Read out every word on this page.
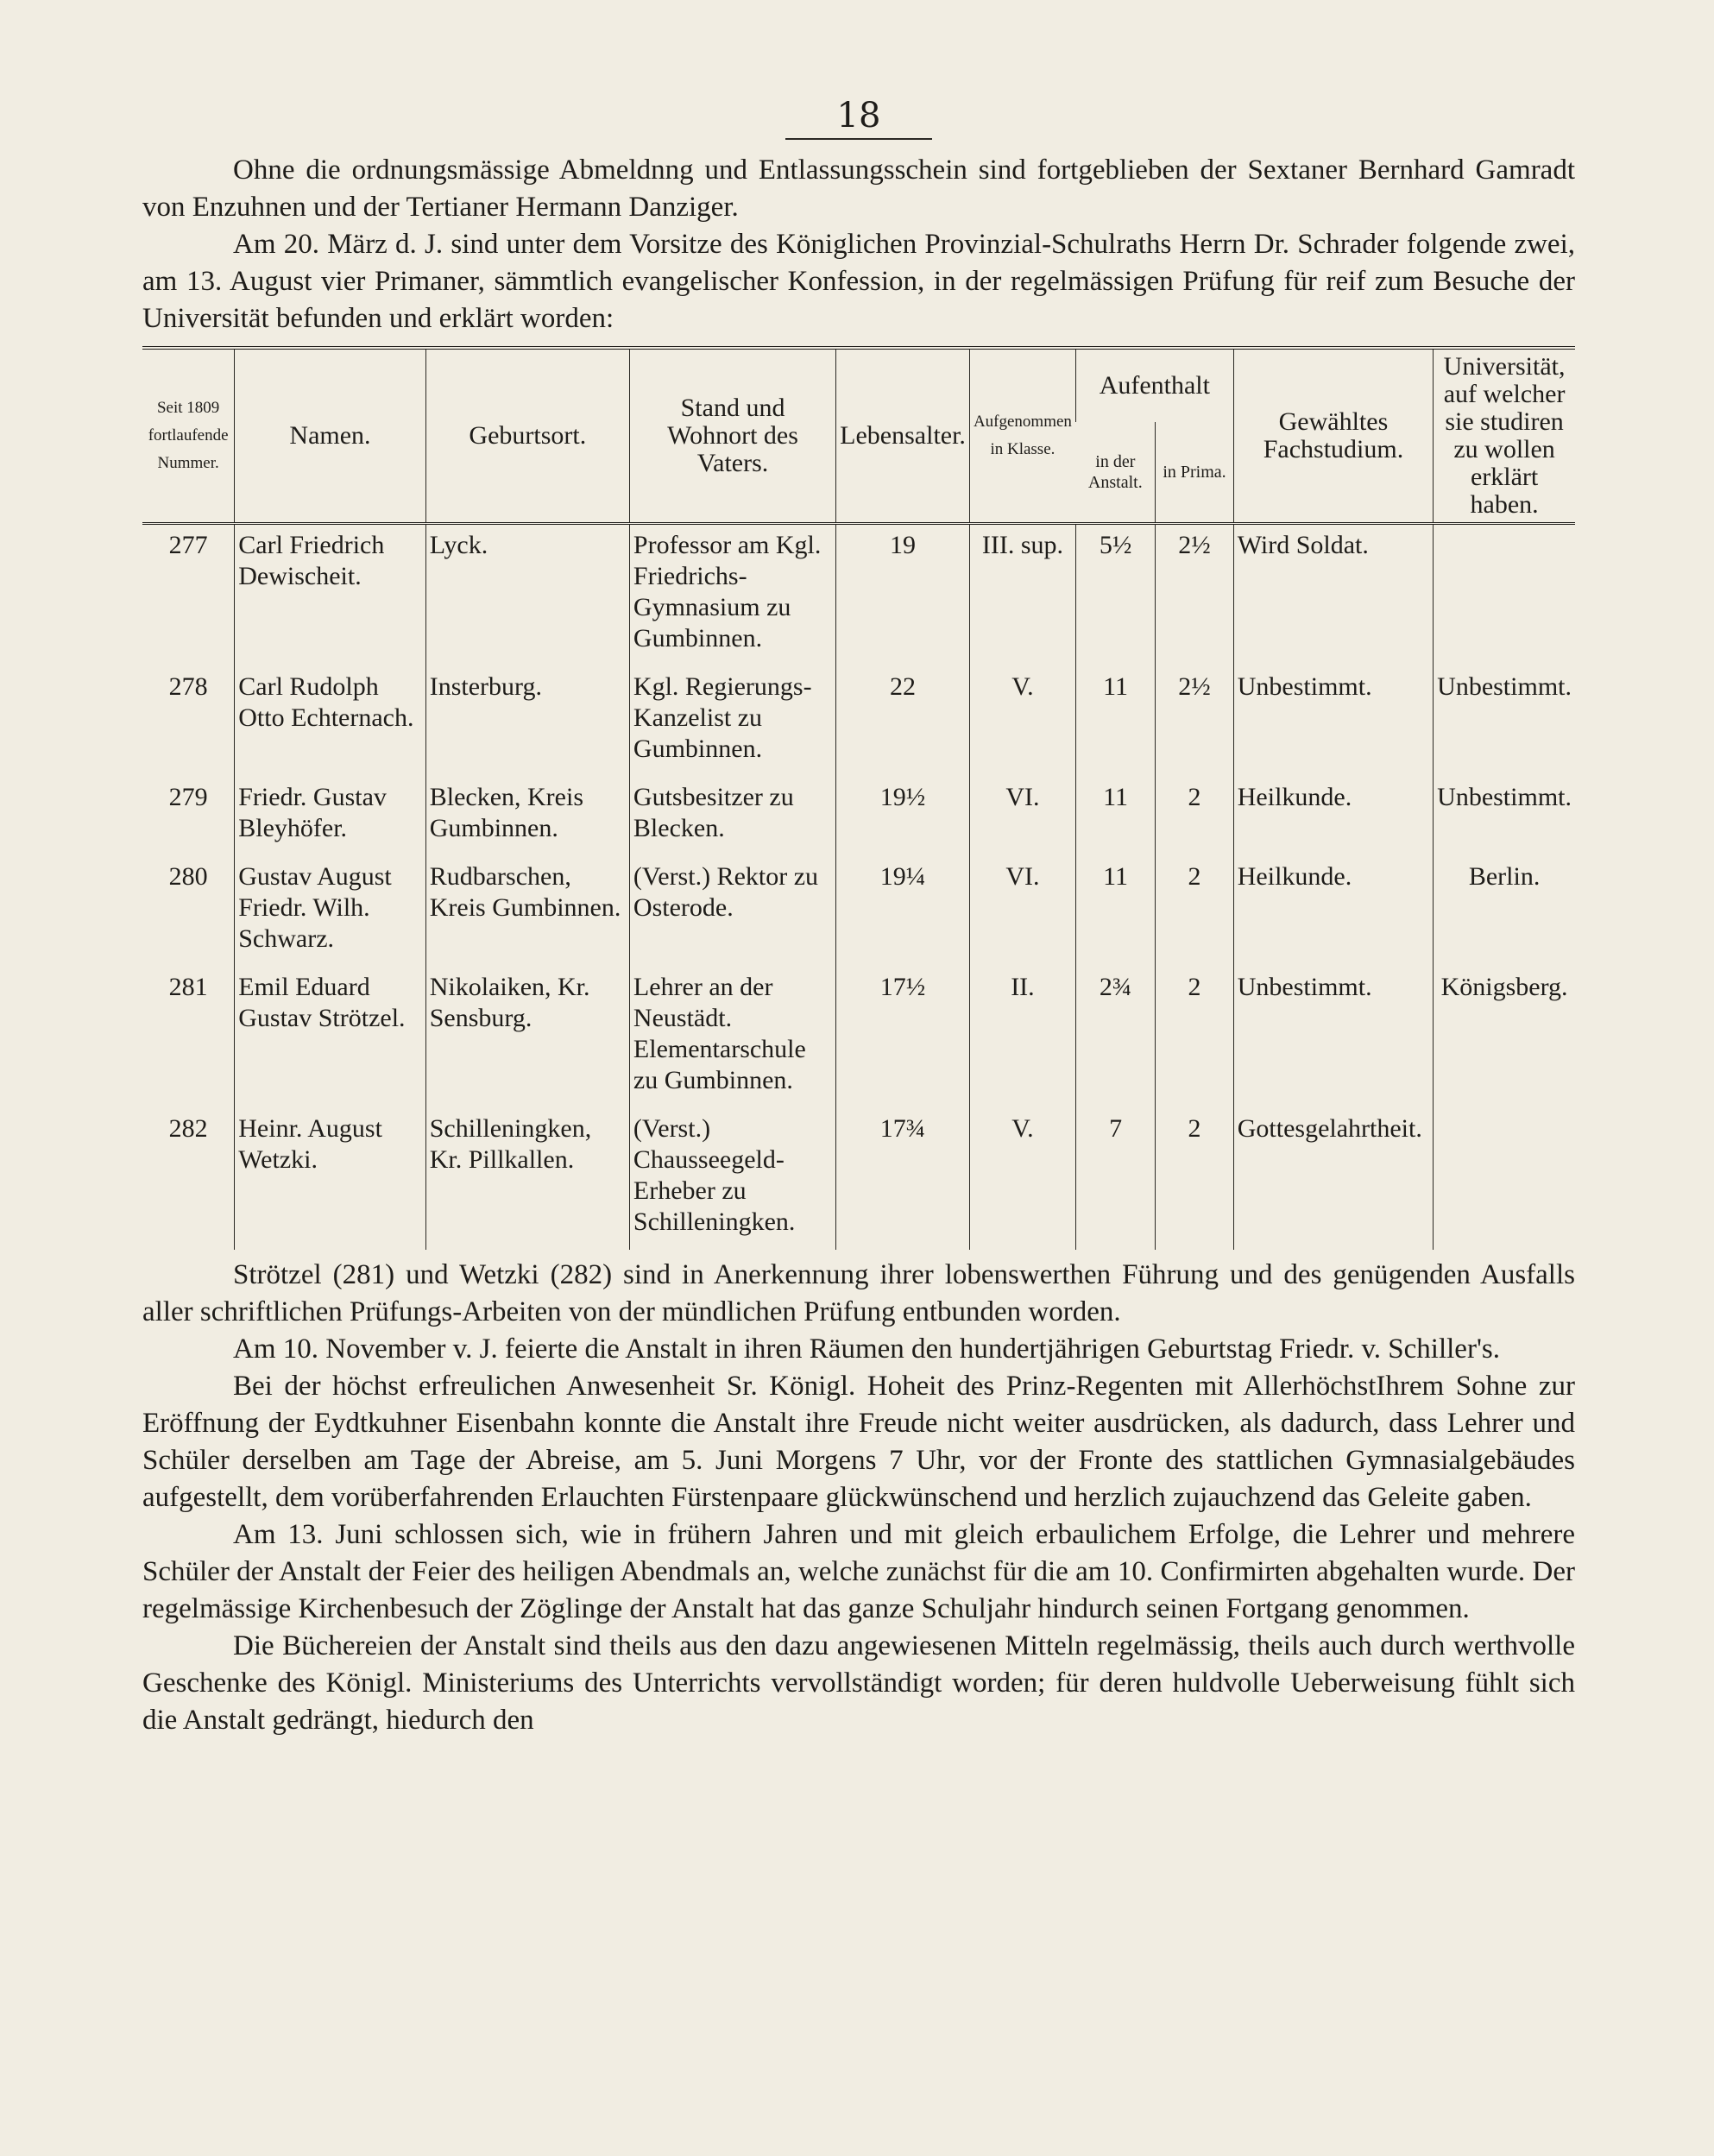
18

Ohne die ordnungsmässige Abmeldnng und Entlassungsschein sind fortgeblieben der Sextaner Bernhard Gamradt von Enzuhnen und der Tertianer Hermann Danziger.

Am 20. März d. J. sind unter dem Vorsitze des Königlichen Provinzial-Schulraths Herrn Dr. Schrader folgende zwei, am 13. August vier Primaner, sämmtlich evangelischer Konfession, in der regelmässigen Prüfung für reif zum Besuche der Universität befunden und erklärt worden:

Seit 1809 fortlaufende Nummer.	Namen.	Geburtsort.	Stand und Wohnort des Vaters.	Lebensalter.	Aufgenommen in Klasse.	Aufenthalt		Gewähltes Fachstudium.	Universität, auf welcher sie studiren zu wollen erklärt haben.
						in der Anstalt.	in Prima.		
277	Carl Friedrich Dewischeit.	Lyck.	Professor am Kgl. Friedrichs-Gymnasium zu Gumbinnen.	19	III. sup.	5½	2½	Wird Soldat.	
278	Carl Rudolph Otto Echternach.	Insterburg.	Kgl. Regierungs-Kanzelist zu Gumbinnen.	22	V.	11	2½	Unbestimmt.	Unbestimmt.
279	Friedr. Gustav Bleyhöfer.	Blecken, Kreis Gumbinnen.	Gutsbesitzer zu Blecken.	19½	VI.	11	2	Heilkunde.	Unbestimmt.
280	Gustav August Friedr. Wilh. Schwarz.	Rudbarschen, Kreis Gumbinnen.	(Verst.) Rektor zu Osterode.	19¼	VI.	11	2	Heilkunde.	Berlin.
281	Emil Eduard Gustav Strötzel.	Nikolaiken, Kr. Sensburg.	Lehrer an der Neustädt. Elementarschule zu Gumbinnen.	17½	II.	2¾	2	Unbestimmt.	Königsberg.
282	Heinr. August Wetzki.	Schilleningken, Kr. Pillkallen.	(Verst.) Chausseegeld-Erheber zu Schilleningken.	17¾	V.	7	2	Gottesgelahrtheit.	

Strötzel (281) und Wetzki (282) sind in Anerkennung ihrer lobenswerthen Führung und des genügenden Ausfalls aller schriftlichen Prüfungs-Arbeiten von der mündlichen Prüfung entbunden worden.

Am 10. November v. J. feierte die Anstalt in ihren Räumen den hundertjährigen Geburtstag Friedr. v. Schiller's.

Bei der höchst erfreulichen Anwesenheit Sr. Königl. Hoheit des Prinz-Regenten mit AllerhöchstIhrem Sohne zur Eröffnung der Eydtkuhner Eisenbahn konnte die Anstalt ihre Freude nicht weiter ausdrücken, als dadurch, dass Lehrer und Schüler derselben am Tage der Abreise, am 5. Juni Morgens 7 Uhr, vor der Fronte des stattlichen Gymnasialgebäudes aufgestellt, dem vorüberfahrenden Erlauchten Fürstenpaare glückwünschend und herzlich zujauchzend das Geleite gaben.

Am 13. Juni schlossen sich, wie in frühern Jahren und mit gleich erbaulichem Erfolge, die Lehrer und mehrere Schüler der Anstalt der Feier des heiligen Abendmals an, welche zunächst für die am 10. Confirmirten abgehalten wurde. Der regelmässige Kirchenbesuch der Zöglinge der Anstalt hat das ganze Schuljahr hindurch seinen Fortgang genommen.

Die Büchereien der Anstalt sind theils aus den dazu angewiesenen Mitteln regelmässig, theils auch durch werthvolle Geschenke des Königl. Ministeriums des Unterrichts vervollständigt worden; für deren huldvolle Ueberweisung fühlt sich die Anstalt gedrängt, hiedurch den
